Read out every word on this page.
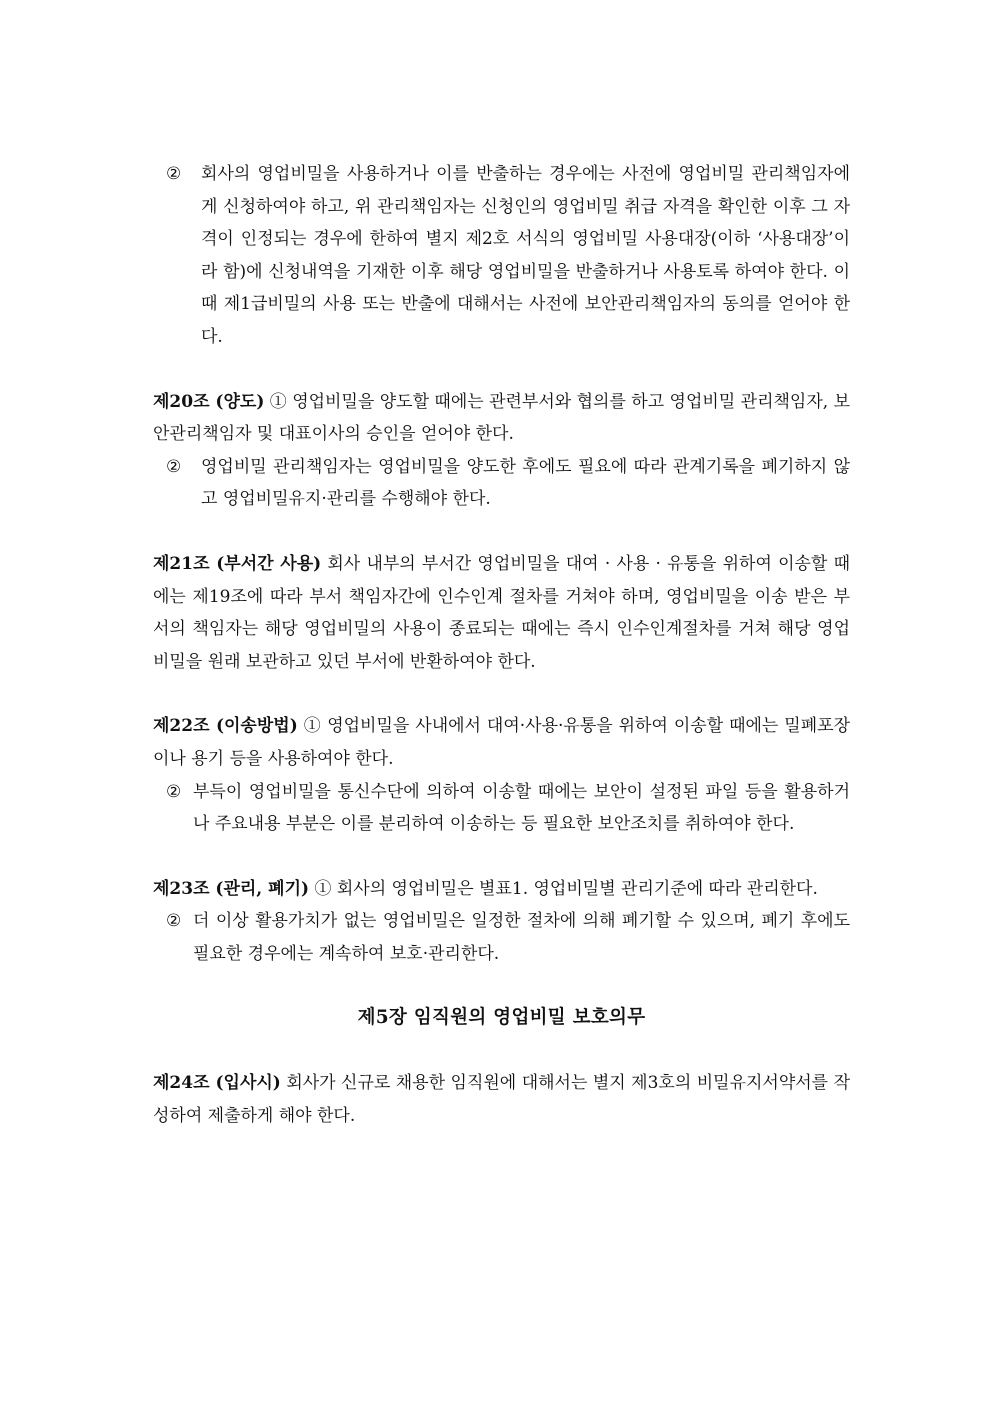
② 회사의 영업비밀을 사용하거나 이를 반출하는 경우에는 사전에 영업비밀 관리책임자에게 신청하여야 하고, 위 관리책임자는 신청인의 영업비밀 취급 자격을 확인한 이후 그 자격이 인정되는 경우에 한하여 별지 제2호 서식의 영업비밀 사용대장(이하 ‘사용대장’이라 함)에 신청내역을 기재한 이후 해당 영업비밀을 반출하거나 사용토록 하여야 한다. 이때 제1급비밀의 사용 또는 반출에 대해서는 사전에 보안관리책임자의 동의를 얻어야 한다.

제20조 (양도) ① 영업비밀을 양도할 때에는 관련부서와 협의를 하고 영업비밀 관리책임자, 보안관리책임자 및 대표이사의 승인을 얻어야 한다.

② 영업비밀 관리책임자는 영업비밀을 양도한 후에도 필요에 따라 관계기록을 폐기하지 않고 영업비밀유지·관리를 수행해야 한다.

제21조 (부서간 사용) 회사 내부의 부서간 영업비밀을 대여 · 사용 · 유통을 위하여 이송할 때에는 제19조에 따라 부서 책임자간에 인수인계 절차를 거쳐야 하며, 영업비밀을 이송 받은 부서의 책임자는 해당 영업비밀의 사용이 종료되는 때에는 즉시 인수인계절차를 거쳐 해당 영업비밀을 원래 보관하고 있던 부서에 반환하여야 한다.

제22조 (이송방법) ① 영업비밀을 사내에서 대여·사용·유통을 위하여 이송할 때에는 밀폐포장이나 용기 등을 사용하여야 한다.

② 부득이 영업비밀을 통신수단에 의하여 이송할 때에는 보안이 설정된 파일 등을 활용하거나 주요내용 부분은 이를 분리하여 이송하는 등 필요한 보안조치를 취하여야 한다.

제23조 (관리, 폐기) ① 회사의 영업비밀은 별표1. 영업비밀별 관리기준에 따라 관리한다.

② 더 이상 활용가치가 없는 영업비밀은 일정한 절차에 의해 폐기할 수 있으며, 폐기 후에도 필요한 경우에는 계속하여 보호·관리한다.

제5장 임직원의 영업비밀 보호의무

제24조 (입사시) 회사가 신규로 채용한 임직원에 대해서는 별지 제3호의 비밀유지서약서를 작성하여 제출하게 해야 한다.
